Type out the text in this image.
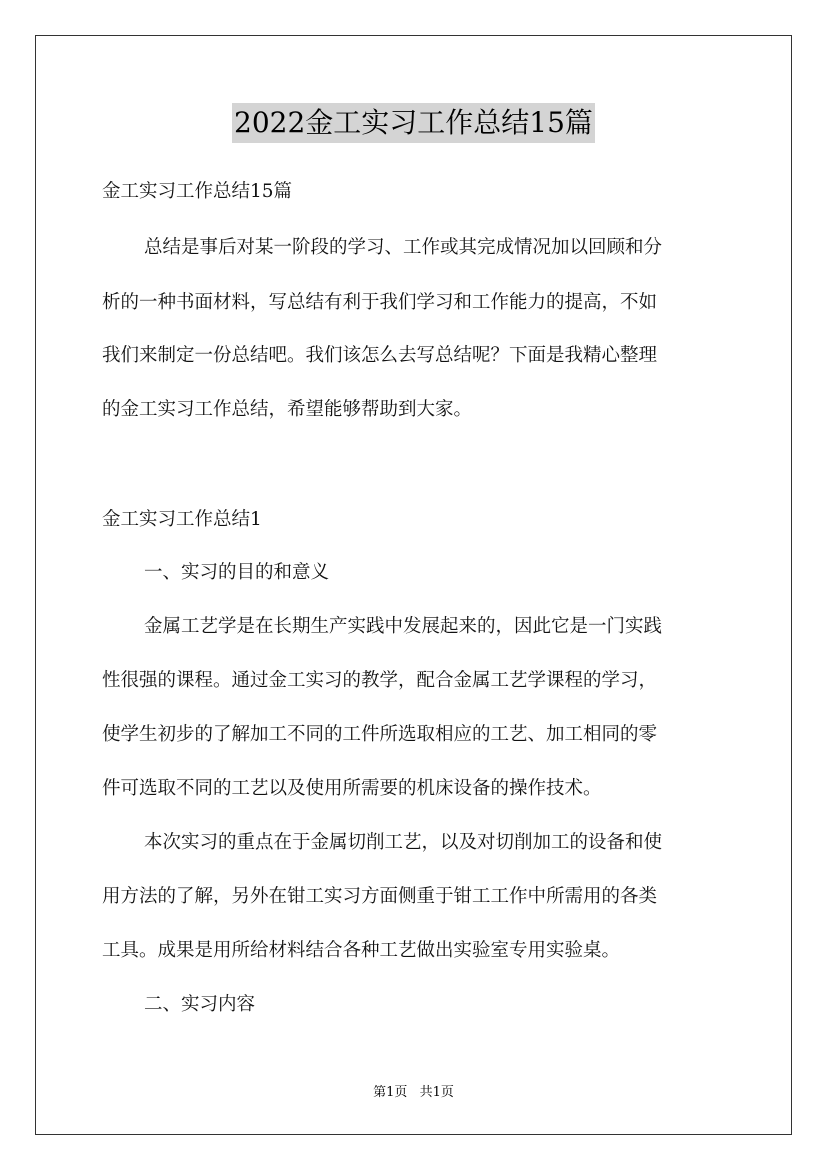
2022金工实习工作总结15篇
金工实习工作总结15篇
总结是事后对某一阶段的学习、工作或其完成情况加以回顾和分
析的一种书面材料，写总结有利于我们学习和工作能力的提高，不如
我们来制定一份总结吧。我们该怎么去写总结呢？下面是我精心整理
的金工实习工作总结，希望能够帮助到大家。
金工实习工作总结1
一、实习的目的和意义
金属工艺学是在长期生产实践中发展起来的，因此它是一门实践
性很强的课程。通过金工实习的教学，配合金属工艺学课程的学习，
使学生初步的了解加工不同的工件所选取相应的工艺、加工相同的零
件可选取不同的工艺以及使用所需要的机床设备的操作技术。
本次实习的重点在于金属切削工艺，以及对切削加工的设备和使
用方法的了解，另外在钳工实习方面侧重于钳工工作中所需用的各类
工具。成果是用所给材料结合各种工艺做出实验室专用实验桌。
二、实习内容
第1页 共1页
